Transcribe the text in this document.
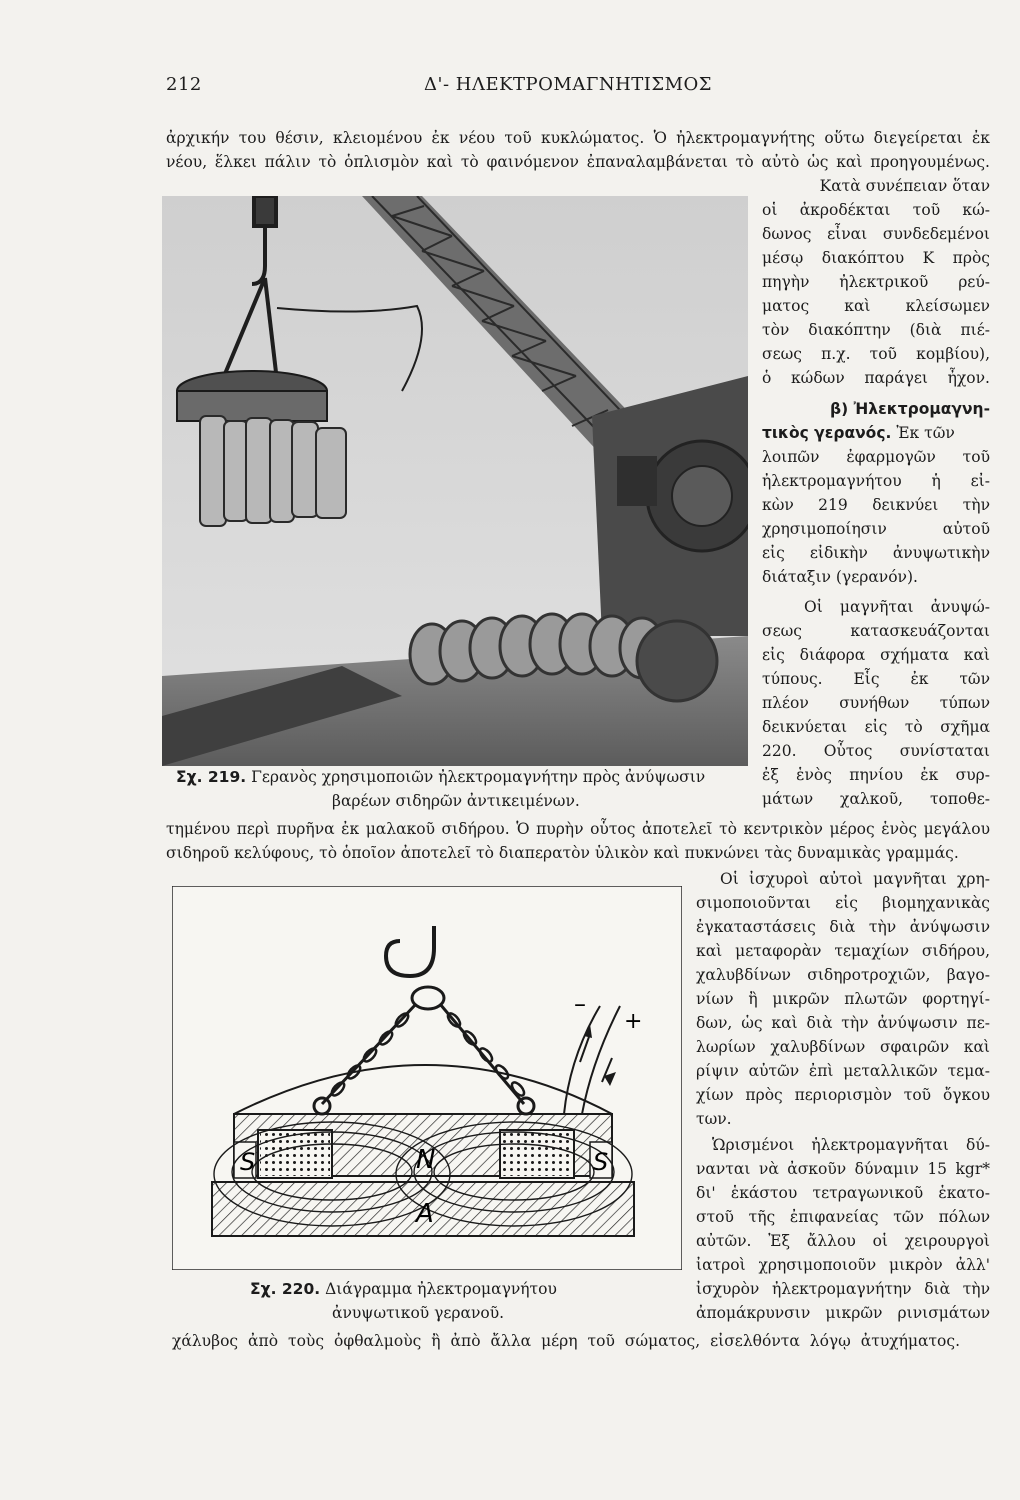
212	Δ'- ΗΛΕΚΤΡΟΜΑΓΝΗΤΙΣΜΟΣ
ἀρχικήν του θέσιν, κλειομένου ἐκ νέου τοῦ κυκλώματος. Ὁ ἠλεκτρομαγνήτης οὕτω διεγείρεται ἐκ
νέου, ἕλκει πάλιν τὸ ὁπλισμὸν καὶ τὸ φαινόμενον ἐπαναλαμβάνεται τὸ αὐτὸ ὡς καὶ προηγουμένως.
Κατὰ συνέπειαν ὅταν
οἱ ἀκροδέκται τοῦ κώ-
δωνος εἶναι συνδεδεμένοι
μέσῳ διακόπτου Κ πρὸς
πηγὴν ἠλεκτρικοῦ ρεύ-
ματος καὶ κλείσωμεν
τὸν διακόπτην (διὰ πιέ-
σεως π.χ. τοῦ κομβίου),
ὁ κώδων παράγει ἦχον.
β) Ἠλεκτρομαγνη-
τικὸς γερανός. Ἐκ τῶν
λοιπῶν ἐφαρμογῶν τοῦ
ἠλεκτρομαγνήτου ἡ εἰ-
κὼν 219 δεικνύει τὴν
χρησιμοποίησιν αὐτοῦ
εἰς εἰδικὴν ἀνυψωτικὴν
διάταξιν (γερανόν).
Οἱ μαγνῆται ἀνυψώ-
σεως κατασκευάζονται
εἰς διάφορα σχήματα καὶ
τύπους. Εἷς ἐκ τῶν
πλέον συνήθων τύπων
δεικνύεται εἰς τὸ σχῆμα
220. Οὗτος συνίσταται
ἐξ ἑνὸς πηνίου ἐκ συρ-
μάτων χαλκοῦ, τοποθε-
Σχ. 219. Γερανὸς χρησιμοποιῶν ἠλεκτρομαγνήτην πρὸς ἀνύψωσιν
βαρέων σιδηρῶν ἀντικειμένων.
τημένου περὶ πυρῆνα ἐκ μαλακοῦ σιδήρου. Ὁ πυρὴν οὗτος ἀποτελεῖ τὸ κεντρικὸν μέρος ἑνὸς μεγάλου
σιδηροῦ κελύφους, τὸ ὁποῖον ἀποτελεῖ τὸ διαπερατὸν ὑλικὸν καὶ πυκνώνει τὰς δυναμικὰς γραμμάς.
–
+
S	N	S
A
Σχ. 220. Διάγραμμα ἠλεκτρομαγνήτου
ἀνυψωτικοῦ γερανοῦ.
Οἱ ἰσχυροὶ αὐτοὶ μαγνῆται χρη-
σιμοποιοῦνται εἰς βιομηχανικὰς
ἐγκαταστάσεις διὰ τὴν ἀνύψωσιν
καὶ μεταφορὰν τεμαχίων σιδήρου,
χαλυβδίνων σιδηροτροχιῶν, βαγο-
νίων ἢ μικρῶν πλωτῶν φορτηγί-
δων, ὡς καὶ διὰ τὴν ἀνύψωσιν πε-
λωρίων χαλυβδίνων σφαιρῶν καὶ
ρίψιν αὐτῶν ἐπὶ μεταλλικῶν τεμα-
χίων πρὸς περιορισμὸν τοῦ ὄγκου
των.
Ὡρισμένοι ἠλεκτρομαγνῆται δύ-
νανται νὰ ἀσκοῦν δύναμιν 15 kgr*
δι' ἑκάστου τετραγωνικοῦ ἑκατο-
στοῦ τῆς ἐπιφανείας τῶν πόλων
αὐτῶν. Ἐξ ἄλλου οἱ χειρουργοὶ
ἰατροὶ χρησιμοποιοῦν μικρὸν ἀλλ'
ἰσχυρὸν ἠλεκτρομαγνήτην διὰ τὴν
ἀπομάκρυνσιν μικρῶν ρινισμάτων
χάλυβος ἀπὸ τοὺς ὀφθαλμοὺς ἢ ἀπὸ ἄλλα μέρη τοῦ σώματος, εἰσελθόντα λόγῳ ἀτυχήματος.
